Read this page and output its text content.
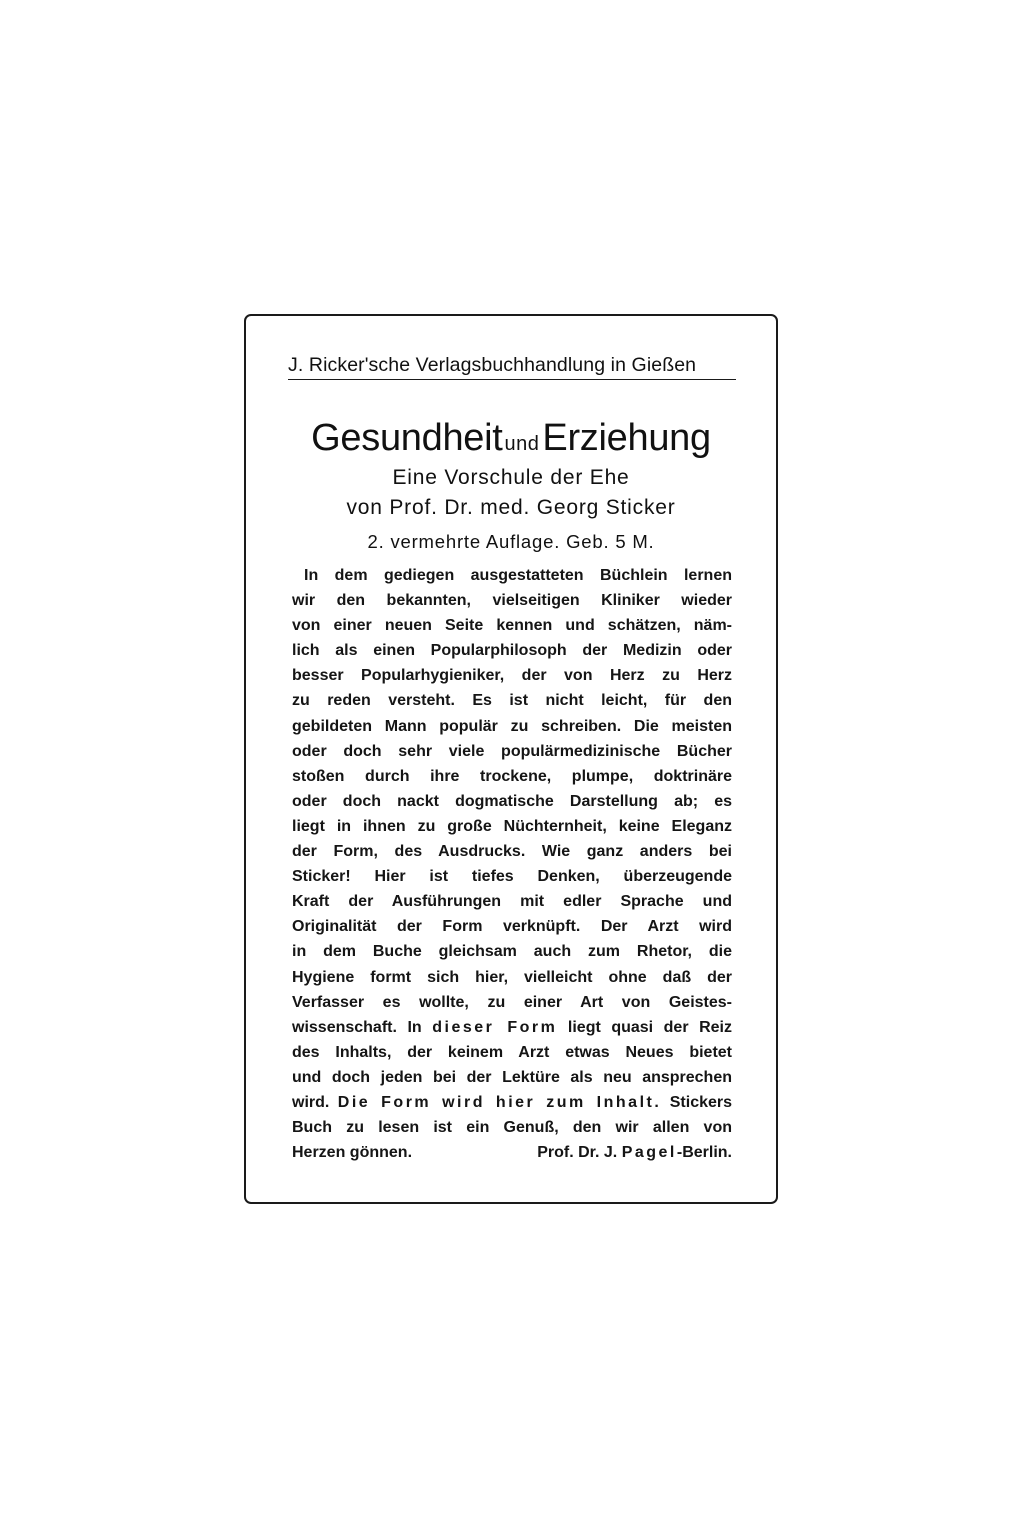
J. Ricker'sche Verlagsbuchhandlung in Gießen
Gesundheit undErziehung
Eine Vorschule der Ehe
von Prof. Dr. med. Georg Sticker
2. vermehrte Auflage. Geb. 5 M.
In dem gediegen ausgestatteten Büchlein lernen
wir den bekannten, vielseitigen Kliniker wieder
von einer neuen Seite kennen und schätzen, näm-
lich als einen Popularphilosoph der Medizin oder
besser Popularhygieniker, der von Herz zu Herz
zu reden versteht. Es ist nicht leicht, für den
gebildeten Mann populär zu schreiben. Die meisten
oder doch sehr viele populärmedizinische Bücher
stoßen durch ihre trockene, plumpe, doktrinäre
oder doch nackt dogmatische Darstellung ab; es
liegt in ihnen zu große Nüchternheit, keine Eleganz
der Form, des Ausdrucks. Wie ganz anders bei
Sticker! Hier ist tiefes Denken, überzeugende
Kraft der Ausführungen mit edler Sprache und
Originalität der Form verknüpft. Der Arzt wird
in dem Buche gleichsam auch zum Rhetor, die
Hygiene formt sich hier, vielleicht ohne daß der
Verfasser es wollte, zu einer Art von Geistes-
wissenschaft. In dieser Form liegt quasi der Reiz
des Inhalts, der keinem Arzt etwas Neues bietet
und doch jeden bei der Lektüre als neu ansprechen
wird. Die Form wird hier zum Inhalt. Stickers
Buch zu lesen ist ein Genuß, den wir allen von
Herzen gönnen.	Prof. Dr. J. Pagel-Berlin.
